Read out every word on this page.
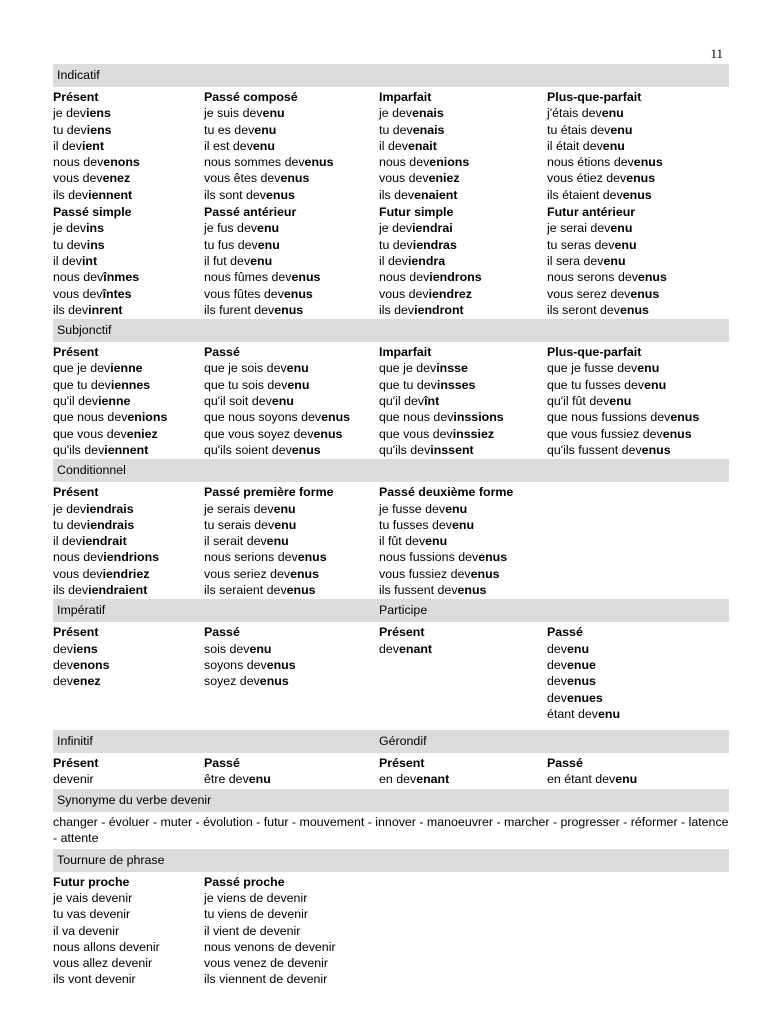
11
Indicatif
Présent
je deviens
tu deviens
il devient
nous devenons
vous devenez
ils deviennent
Passé composé
je suis devenu
tu es devenu
il est devenu
nous sommes devenus
vous êtes devenus
ils sont devenus
Imparfait
je devenais
tu devenais
il devenait
nous devenions
vous deveniez
ils devenaient
Plus-que-parfait
j'étais devenu
tu étais devenu
il était devenu
nous étions devenus
vous étiez devenus
ils étaient devenus
Passé simple
je devins
tu devins
il devint
nous devînmes
vous devîntes
ils devinrent
Passé antérieur
je fus devenu
tu fus devenu
il fut devenu
nous fûmes devenus
vous fûtes devenus
ils furent devenus
Futur simple
je deviendrai
tu deviendras
il deviendra
nous deviendrons
vous deviendrez
ils deviendront
Futur antérieur
je serai devenu
tu seras devenu
il sera devenu
nous serons devenus
vous serez devenus
ils seront devenus
Subjonctif
Présent
que je devienne
que tu deviennes
qu'il devienne
que nous devenions
que vous deveniez
qu'ils deviennent
Passé
que je sois devenu
que tu sois devenu
qu'il soit devenu
que nous soyons devenus
que vous soyez devenus
qu'ils soient devenus
Imparfait
que je devinsse
que tu devinsses
qu'il devînt
que nous devinssions
que vous devinssiez
qu'ils devinssent
Plus-que-parfait
que je fusse devenu
que tu fusses devenu
qu'il fût devenu
que nous fussions devenus
que vous fussiez devenus
qu'ils fussent devenus
Conditionnel
Présent
je deviendrais
tu deviendrais
il deviendrait
nous deviendrions
vous deviendriez
ils deviendraient
Passé première forme
je serais devenu
tu serais devenu
il serait devenu
nous serions devenus
vous seriez devenus
ils seraient devenus
Passé deuxième forme
je fusse devenu
tu fusses devenu
il fût devenu
nous fussions devenus
vous fussiez devenus
ils fussent devenus
Impératif	Participe
Présent
deviens
devenons
devenez
Passé
sois devenu
soyons devenus
soyez devenus
Présent
devenant
Passé
devenu
devenue
devenus
devenues
étant devenu
Infinitif	Gérondif
Présent
devenir
Passé
être devenu
Présent
en devenant
Passé
en étant devenu
Synonyme du verbe devenir
changer - évoluer - muter - évolution - futur - mouvement - innover - manoeuvrer - marcher - progresser - réformer - latence - attente
Tournure de phrase
Futur proche
je vais devenir
tu vas devenir
il va devenir
nous allons devenir
vous allez devenir
ils vont devenir
Passé proche
je viens de devenir
tu viens de devenir
il vient de devenir
nous venons de devenir
vous venez de devenir
ils viennent de devenir
